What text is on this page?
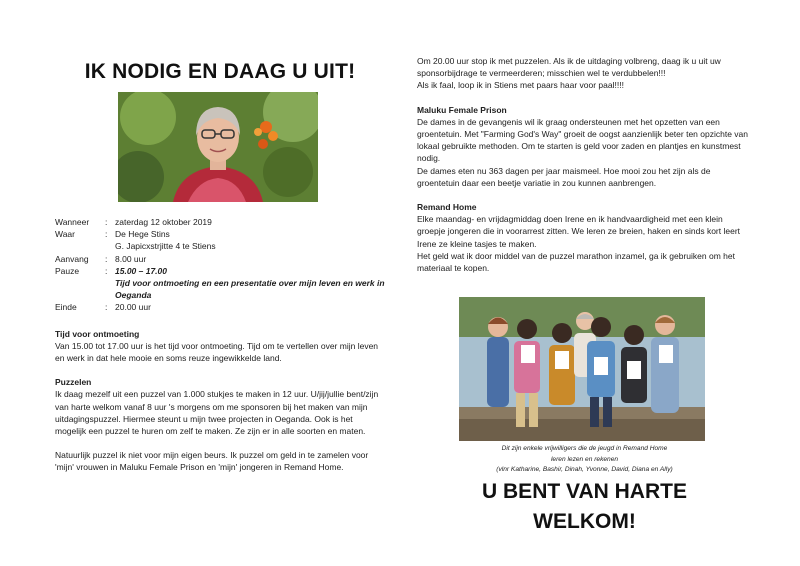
IK NODIG EN DAAG U UIT!
Wanneer	: zaterdag 12 oktober 2019
Waar	: De Hege Stins
G. Japicxstrjitte 4 te Stiens
Aanvang	: 8.00 uur
Pauze	: 15.00 – 17.00
Tijd voor ontmoeting en een presentatie over mijn leven en werk in Oeganda
Einde	: 20.00 uur
Tijd voor ontmoeting

Van 15.00 tot 17.00 uur is het tijd voor ontmoeting. Tijd om te vertellen over mijn leven en werk in dat hele mooie en soms reuze ingewikkelde land.

Puzzelen

Ik daag mezelf uit een puzzel van 1.000 stukjes te maken in 12 uur. U/jij/jullie bent/zijn van harte welkom vanaf 8 uur 's morgens om me sponsoren bij het maken van mijn uitdagingspuzzel. Hiermee steunt u mijn twee projecten in Oeganda. Ook is het mogelijk een puzzel te huren om zelf te maken. Ze zijn er in alle soorten en maten.

Natuurlijk puzzel ik niet voor mijn eigen beurs. Ik puzzel om geld in te zamelen voor 'mijn' vrouwen in Maluku Female Prison en 'mijn' jongeren in Remand Home.

Om 20.00 uur stop ik met puzzelen. Als ik de uitdaging volbreng, daag ik u uit uw sponsorbijdrage te vermeerderen; misschien wel te verdubbelen!!!

Als ik faal, loop ik in Stiens met paars haar voor paal!!!!

Maluku Female Prison

De dames in de gevangenis wil ik graag ondersteunen met het opzetten van een groentetuin. Met "Farming God's Way" groeit de oogst aanzienlijk beter ten opzichte van lokaal gebruikte methoden. Om te starten is geld voor zaden en plantjes en kunstmest nodig.

De dames eten nu 363 dagen per jaar maismeel. Hoe mooi zou het zijn als de groentetuin daar een beetje variatie in zou kunnen aanbrengen.

Remand Home

Elke maandag- en vrijdagmiddag doen Irene en ik handvaardigheid met een klein groepje jongeren die in voorarrest zitten. We leren ze breien, haken en sinds kort leert Irene ze kleine tasjes te maken.

Het geld wat ik door middel van de puzzel marathon inzamel, ga ik gebruiken om het materiaal te kopen.

Dit zijn enkele vrijwilligers die de jeugd in Remand Home
leren lezen en rekenen
(vlnr Katharine, Bashir, Dinah, Yvonne, David, Diana en Ally)
U BENT VAN HARTE
WELKOM!
